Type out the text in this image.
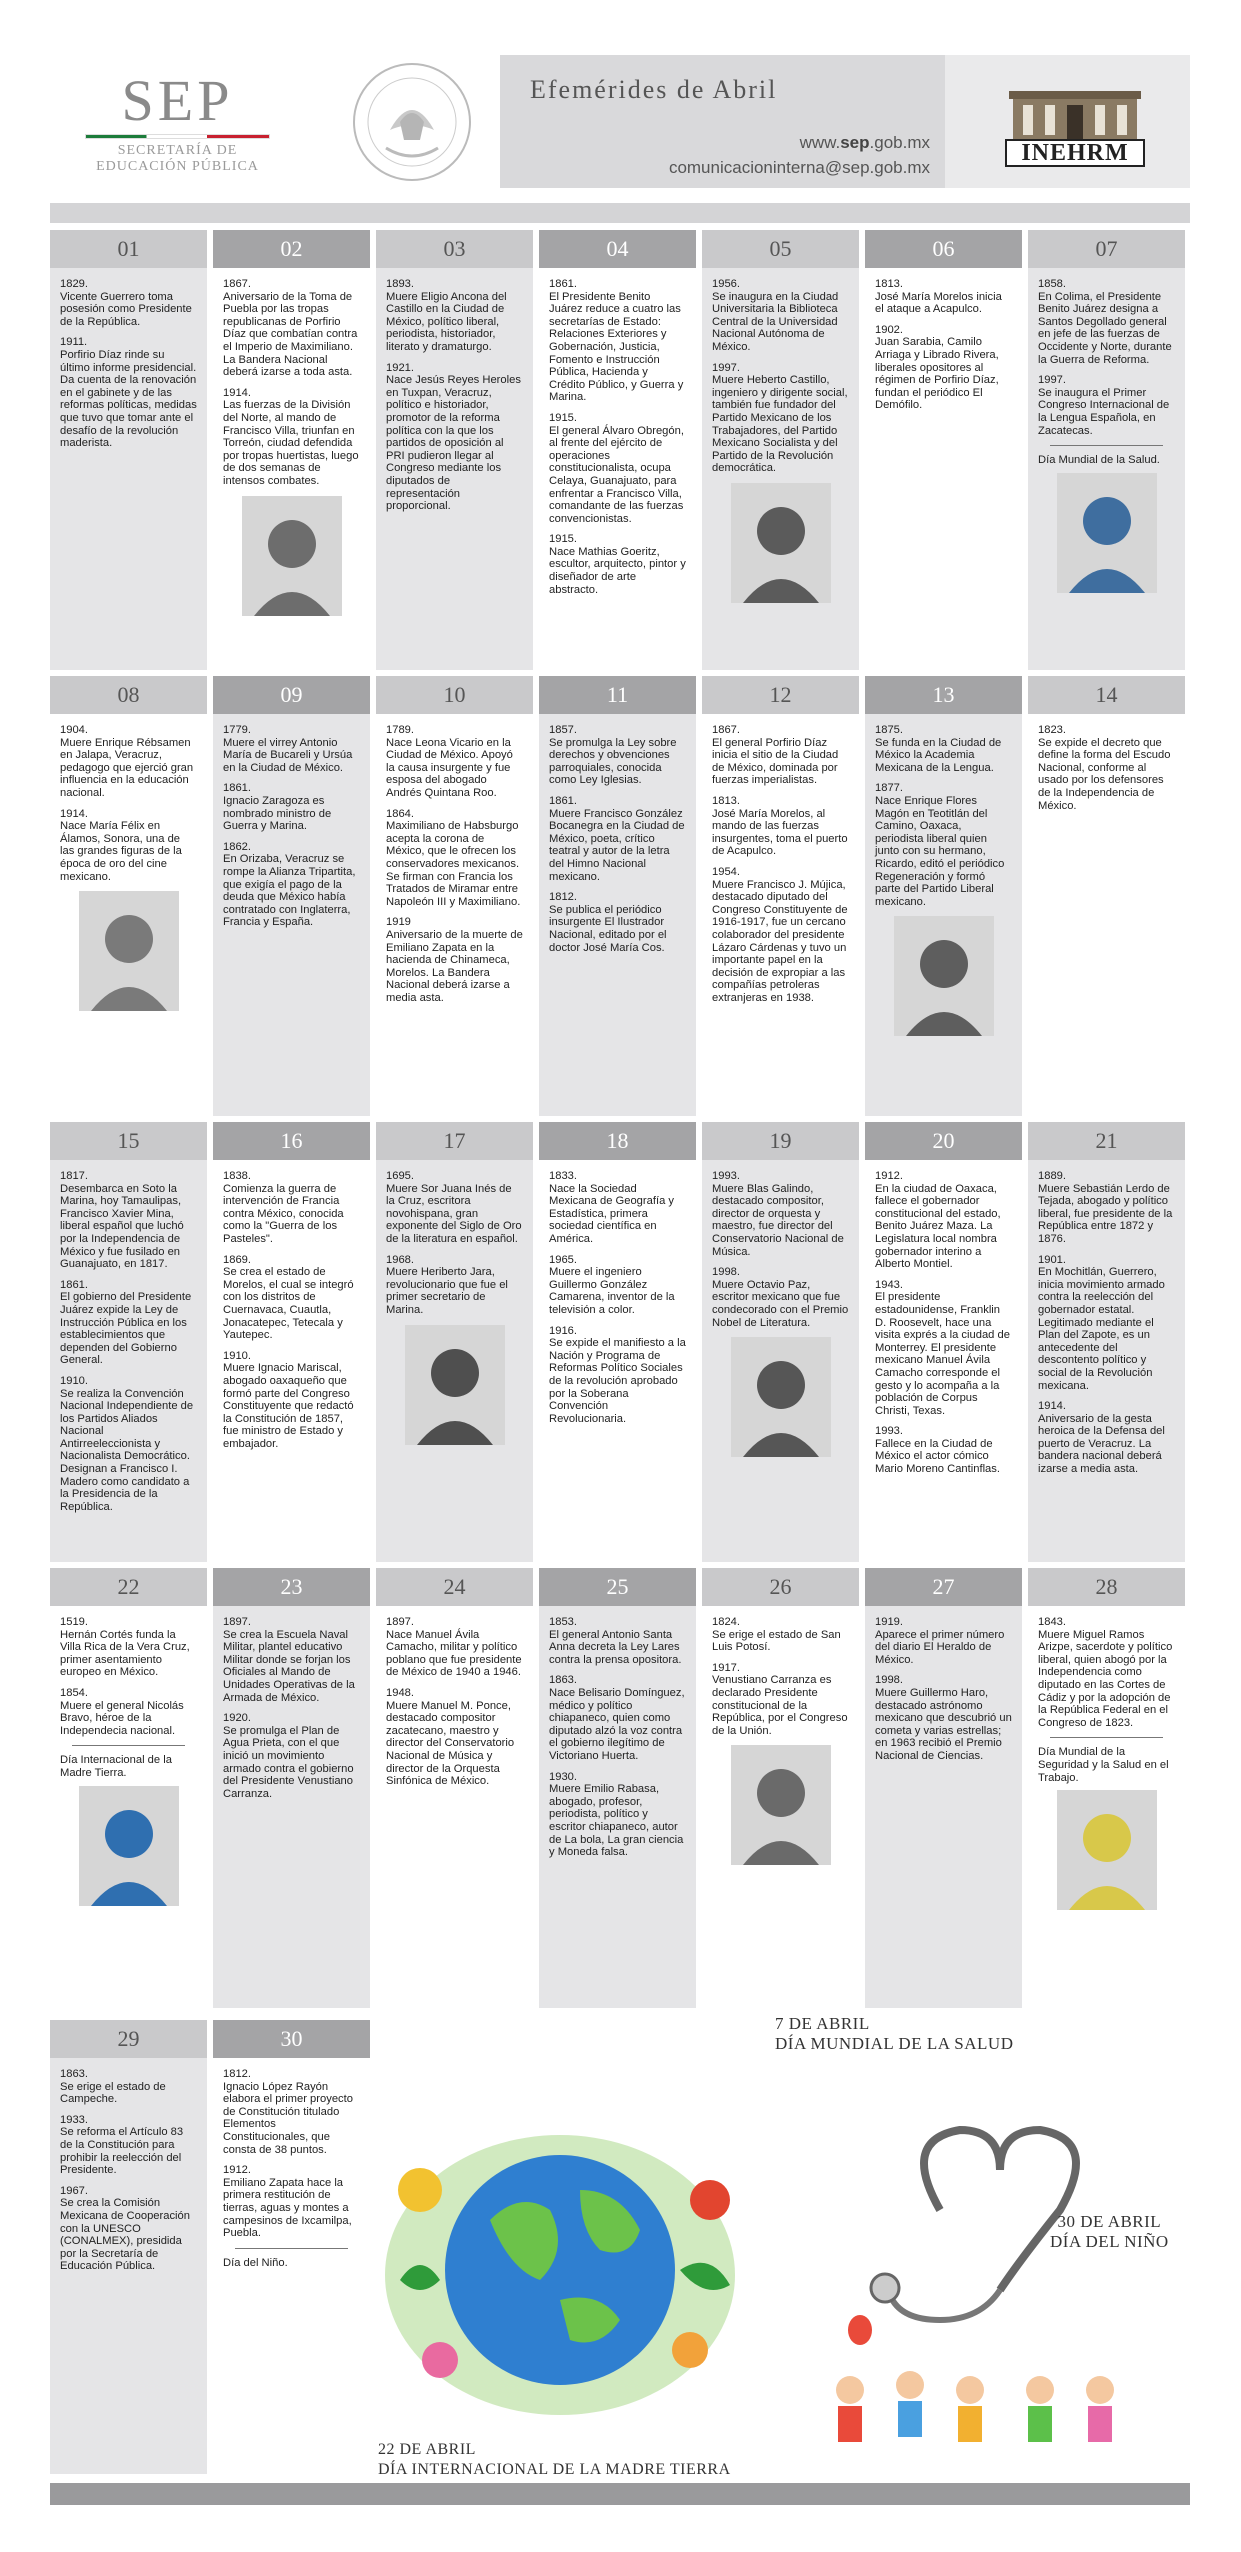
SEP
SECRETARÍA DE
EDUCACIÓN PÚBLICA
Efemérides de Abril
www.sep.gob.mx
comunicacioninterna@sep.gob.mx
INEHRM
01
1829.
Vicente Guerrero toma posesión como Presidente de la República.
1911.
Porfirio Díaz rinde su último informe presidencial. Da cuenta de la renovación en el gabinete y de las reformas políticas, medidas que tuvo que tomar ante el desafío de la revolución maderista.
02
1867.
Aniversario de la Toma de Puebla por las tropas republicanas de Porfirio Díaz que combatían contra el Imperio de Maximiliano. La Bandera Nacional deberá izarse a toda asta.
1914.
Las fuerzas de la División del Norte, al mando de Francisco Villa, triunfan en Torreón, ciudad defendida por tropas huertistas, luego de dos semanas de intensos combates.
03
1893.
Muere Eligio Ancona del Castillo en la Ciudad de México, político liberal, periodista, historiador, literato y dramaturgo.
1921.
Nace Jesús Reyes Heroles en Tuxpan, Veracruz, político e historiador, promotor de la reforma política con la que los partidos de oposición al PRI pudieron llegar al Congreso mediante los diputados de representación proporcional.
04
1861.
El Presidente Benito Juárez reduce a cuatro las secretarías de Estado: Relaciones Exteriores y Gobernación, Justicia, Fomento e Instrucción Pública, Hacienda y Crédito Público, y Guerra y Marina.
1915.
El general Álvaro Obregón, al frente del ejército de operaciones constitucionalista, ocupa Celaya, Guanajuato, para enfrentar a Francisco Villa, comandante de las fuerzas convencionistas.
1915.
Nace Mathias Goeritz, escultor, arquitecto, pintor y diseñador de arte abstracto.
05
1956.
Se inaugura en la Ciudad Universitaria la Biblioteca Central de la Universidad Nacional Autónoma de México.
1997.
Muere Heberto Castillo, ingeniero y dirigente social, también fue fundador del Partido Mexicano de los Trabajadores, del Partido Mexicano Socialista y del Partido de la Revolución democrática.
06
1813.
José María Morelos inicia el ataque a Acapulco.
1902.
Juan Sarabia, Camilo Arriaga y Librado Rivera, liberales opositores al régimen de Porfirio Díaz, fundan el periódico El Demófilo.
07
1858.
En Colima, el Presidente Benito Juárez designa a Santos Degollado general en jefe de las fuerzas de Occidente y Norte, durante la Guerra de Reforma.
1997.
Se inaugura el Primer Congreso Internacional de la Lengua Española, en Zacatecas.
Día Mundial de la Salud.
08
1904.
Muere Enrique Rébsamen en Jalapa, Veracruz, pedagogo que ejerció gran influencia en la educación nacional.
1914.
Nace María Félix en Álamos, Sonora, una de las grandes figuras de la época de oro del cine mexicano.
09
1779.
Muere el virrey Antonio María de Bucareli y Ursúa en la Ciudad de México.
1861.
Ignacio Zaragoza es nombrado ministro de Guerra y Marina.
1862.
En Orizaba, Veracruz se rompe la Alianza Tripartita, que exigía el pago de la deuda que México había contratado con Inglaterra, Francia y España.
10
1789.
Nace Leona Vicario en la Ciudad de México. Apoyó la causa insurgente y fue esposa del abogado Andrés Quintana Roo.
1864.
Maximiliano de Habsburgo acepta la corona de México, que le ofrecen los conservadores mexicanos. Se firman con Francia los Tratados de Miramar entre Napoleón III y Maximiliano.
1919
Aniversario de la muerte de Emiliano Zapata en la hacienda de Chinameca, Morelos. La Bandera Nacional deberá izarse a media asta.
11
1857.
Se promulga la Ley sobre derechos y obvenciones parroquiales, conocida como Ley Iglesias.
1861.
Muere Francisco González Bocanegra en la Ciudad de México, poeta, crítico teatral y autor de la letra del Himno Nacional mexicano.
1812.
Se publica el periódico insurgente El Ilustrador Nacional, editado por el doctor José María Cos.
12
1867.
El general Porfirio Díaz inicia el sitio de la Ciudad de México, dominada por fuerzas imperialistas.
1813.
José María Morelos, al mando de las fuerzas insurgentes, toma el puerto de Acapulco.
1954.
Muere Francisco J. Mújica, destacado diputado del Congreso Constituyente de 1916-1917, fue un cercano colaborador del presidente Lázaro Cárdenas y tuvo un importante papel en la decisión de expropiar a las compañías petroleras extranjeras en 1938.
13
1875.
Se funda en la Ciudad de México la Academia Mexicana de la Lengua.
1877.
Nace Enrique Flores Magón en Teotitlán del Camino, Oaxaca, periodista liberal quien junto con su hermano, Ricardo, editó el periódico Regeneración y formó parte del Partido Liberal mexicano.
14
1823.
Se expide el decreto que define la forma del Escudo Nacional, conforme al usado por los defensores de la Independencia de México.
15
1817.
Desembarca en Soto la Marina, hoy Tamaulipas, Francisco Xavier Mina, liberal español que luchó por la Independencia de México y fue fusilado en Guanajuato, en 1817.
1861.
El gobierno del Presidente Juárez expide la Ley de Instrucción Pública en los establecimientos que dependen del Gobierno General.
1910.
Se realiza la Convención Nacional Independiente de los Partidos Aliados Nacional Antirreeleccionista y Nacionalista Democrático. Designan a Francisco I. Madero como candidato a la Presidencia de la República.
16
1838.
Comienza la guerra de intervención de Francia contra México, conocida como la "Guerra de los Pasteles".
1869.
Se crea el estado de Morelos, el cual se integró con los distritos de Cuernavaca, Cuautla, Jonacatepec, Tetecala y Yautepec.
1910.
Muere Ignacio Mariscal, abogado oaxaqueño que formó parte del Congreso Constituyente que redactó la Constitución de 1857, fue ministro de Estado y embajador.
17
1695.
Muere Sor Juana Inés de la Cruz, escritora novohispana, gran exponente del Siglo de Oro de la literatura en español.
1968.
Muere Heriberto Jara, revolucionario que fue el primer secretario de Marina.
18
1833.
Nace la Sociedad Mexicana de Geografía y Estadística, primera sociedad científica en América.
1965.
Muere el ingeniero Guillermo González Camarena, inventor de la televisión a color.
1916.
Se expide el manifiesto a la Nación y Programa de Reformas Político Sociales de la revolución aprobado por la Soberana Convención Revolucionaria.
19
1993.
Muere Blas Galindo, destacado compositor, director de orquesta y maestro, fue director del Conservatorio Nacional de Música.
1998.
Muere Octavio Paz, escritor mexicano que fue condecorado con el Premio Nobel de Literatura.
20
1912.
En la ciudad de Oaxaca, fallece el gobernador constitucional del estado, Benito Juárez Maza. La Legislatura local nombra gobernador interino a Alberto Montiel.
1943.
El presidente estadounidense, Franklin D. Roosevelt, hace una visita exprés a la ciudad de Monterrey. El presidente mexicano Manuel Ávila Camacho corresponde el gesto y lo acompaña a la población de Corpus Christi, Texas.
1993.
Fallece en la Ciudad de México el actor cómico Mario Moreno Cantinflas.
21
1889.
Muere Sebastián Lerdo de Tejada, abogado y político liberal, fue presidente de la República entre 1872 y 1876.
1901.
En Mochitlán, Guerrero, inicia movimiento armado contra la reelección del gobernador estatal. Legitimado mediante el Plan del Zapote, es un antecedente del descontento político y social de la Revolución mexicana.
1914.
Aniversario de la gesta heroica de la Defensa del puerto de Veracruz. La bandera nacional deberá izarse a media asta.
22
1519.
Hernán Cortés funda la Villa Rica de la Vera Cruz, primer asentamiento europeo en México.
1854.
Muere el general Nicolás Bravo, héroe de la Independecia nacional.
Día Internacional de la Madre Tierra.
23
1897.
Se crea la Escuela Naval Militar, plantel educativo Militar donde se forjan los Oficiales al Mando de Unidades Operativas de la Armada de México.
1920.
Se promulga el Plan de Agua Prieta, con el que inició un movimiento armado contra el gobierno del Presidente Venustiano Carranza.
24
1897.
Nace Manuel Ávila Camacho, militar y político poblano que fue presidente de México de 1940 a 1946.
1948.
Muere Manuel M. Ponce, destacado compositor zacatecano, maestro y director del Conservatorio Nacional de Música y director de la Orquesta Sinfónica de México.
25
1853.
El general Antonio Santa Anna decreta la Ley Lares contra la prensa opositora.
1863.
Nace Belisario Domínguez, médico y político chiapaneco, quien como diputado alzó la voz contra el gobierno ilegítimo de Victoriano Huerta.
1930.
Muere Emilio Rabasa, abogado, profesor, periodista, político y escritor chiapaneco, autor de La bola, La gran ciencia y Moneda falsa.
26
1824.
Se erige el estado de San Luis Potosí.
1917.
Venustiano Carranza es declarado Presidente constitucional de la República, por el Congreso de la Unión.
27
1919.
Aparece el primer número del diario El Heraldo de México.
1998.
Muere Guillermo Haro, destacado astrónomo mexicano que descubrió un cometa y varias estrellas; en 1963 recibió el Premio Nacional de Ciencias.
28
1843.
Muere Miguel Ramos Arizpe, sacerdote y político liberal, quien abogó por la Independencia como diputado en las Cortes de Cádiz y por la adopción de la República Federal en el Congreso de 1823.
Día Mundial de la Seguridad y la Salud en el Trabajo.
29
1863.
Se erige el estado de Campeche.
1933.
Se reforma el Artículo 83 de la Constitución para prohibir la reelección del Presidente.
1967.
Se crea la Comisión Mexicana de Cooperación con la UNESCO (CONALMEX), presidida por la Secretaría de Educación Pública.
30
1812.
Ignacio López Rayón elabora el primer proyecto de Constitución titulado Elementos Constitucionales, que consta de 38 puntos.
1912.
Emiliano Zapata hace la primera restitución de tierras, aguas y montes a campesinos de Ixcamilpa, Puebla.
Día del Niño.
7 DE ABRIL
DÍA MUNDIAL DE LA SALUD
30 DE ABRIL
DÍA DEL NIÑO
22 DE ABRIL
DÍA INTERNACIONAL DE LA MADRE TIERRA
